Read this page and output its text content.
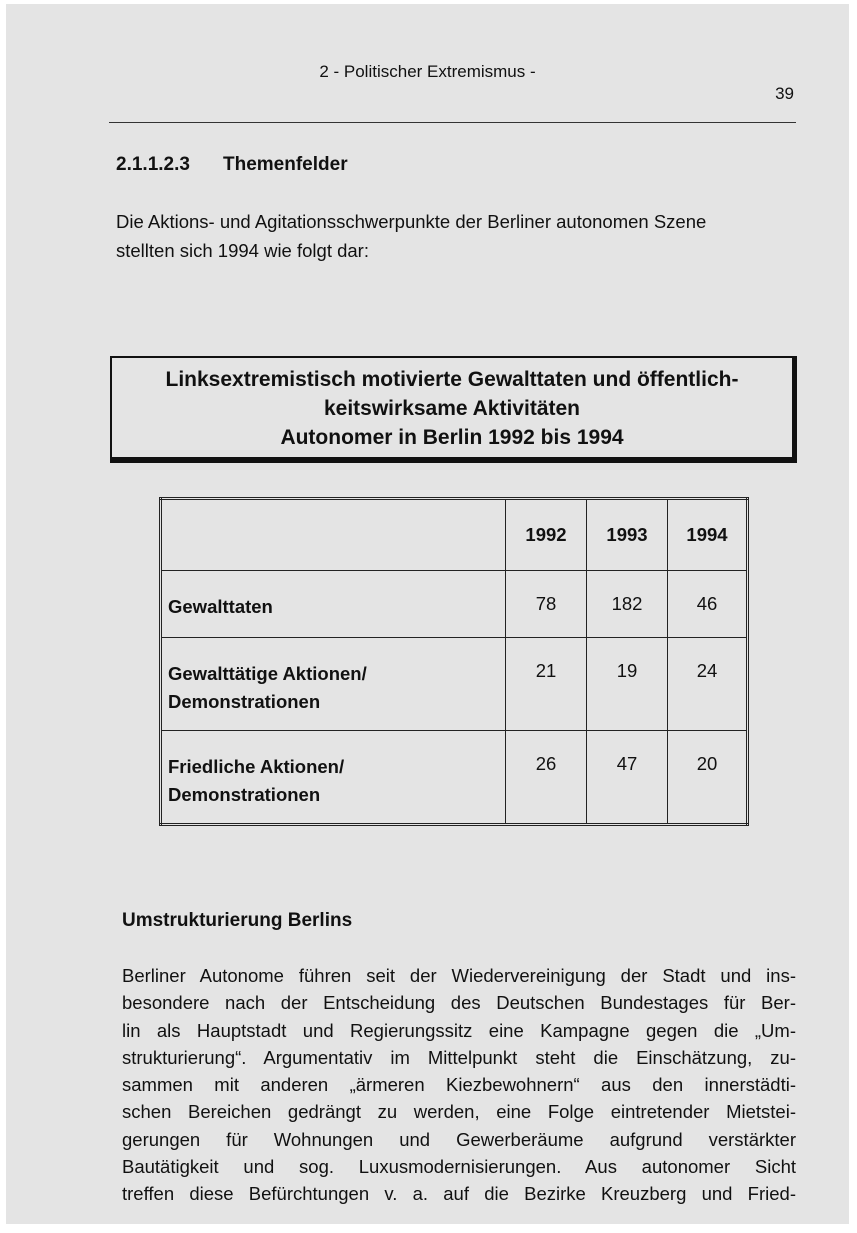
2 - Politischer Extremismus -
39
2.1.1.2.3 Themenfelder
Die Aktions- und Agitationsschwerpunkte der Berliner autonomen Szene
stellten sich 1994 wie folgt dar:
Linksextremistisch motivierte Gewalttaten und öffentlich-
keitswirksame Aktivitäten
Autonomer in Berlin 1992 bis 1994
	1992	1993	1994

Gewalttaten	78	182	46

Gewalttätige Aktionen/
Demonstrationen	21	19	24

Friedliche Aktionen/
Demonstrationen	26	47	20
Umstrukturierung Berlins
Berliner Autonome führen seit der Wiedervereinigung der Stadt und ins-
besondere nach der Entscheidung des Deutschen Bundestages für Ber-
lin als Hauptstadt und Regierungssitz eine Kampagne gegen die „Um-
strukturierung“. Argumentativ im Mittelpunkt steht die Einschätzung, zu-
sammen mit anderen „ärmeren Kiezbewohnern“ aus den innerstädti-
schen Bereichen gedrängt zu werden, eine Folge eintretender Mietstei-
gerungen für Wohnungen und Gewerberäume aufgrund verstärkter
Bautätigkeit und sog. Luxusmodernisierungen. Aus autonomer Sicht
treffen diese Befürchtungen v. a. auf die Bezirke Kreuzberg und Fried-
